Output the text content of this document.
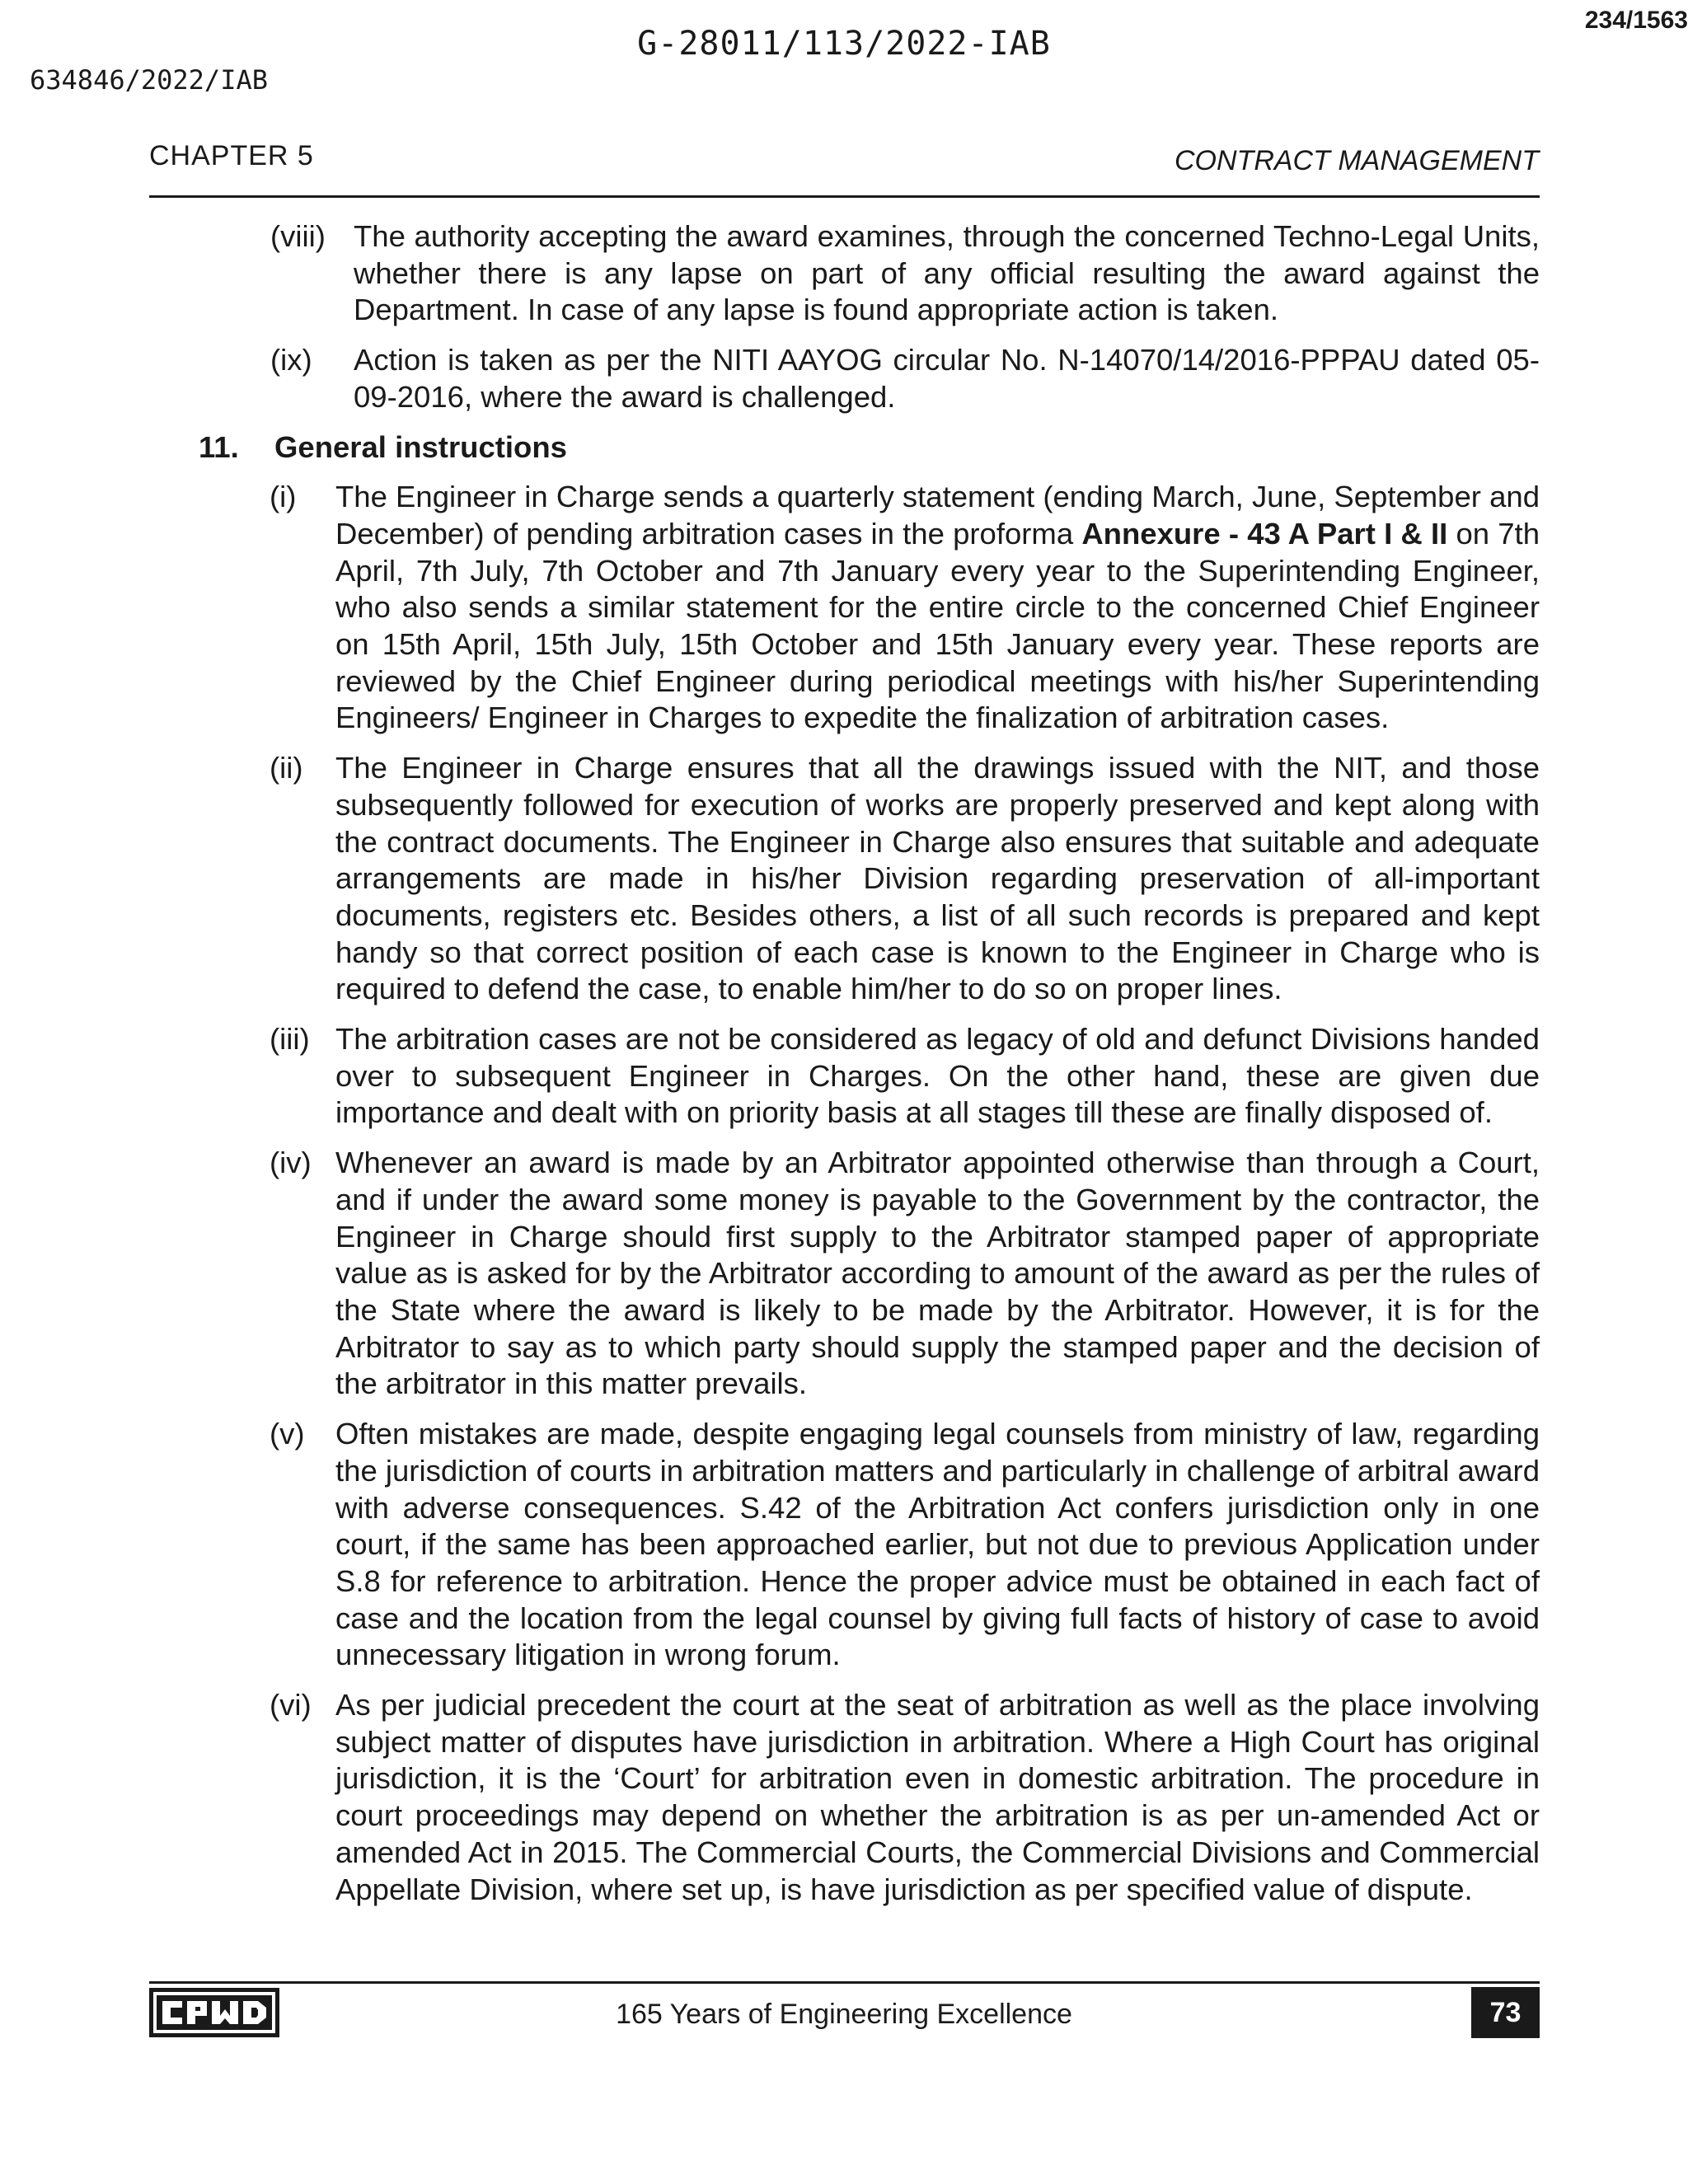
G-28011/113/2022-IAB
234/1563
634846/2022/IAB
CHAPTER 5	CONTRACT MANAGEMENT
(viii) The authority accepting the award examines, through the concerned Techno-Legal Units, whether there is any lapse on part of any official resulting the award against the Department. In case of any lapse is found appropriate action is taken.
(ix) Action is taken as per the NITI AAYOG circular No. N-14070/14/2016-PPPAU dated 05-09-2016, where the award is challenged.
11. General instructions
(i) The Engineer in Charge sends a quarterly statement (ending March, June, September and December) of pending arbitration cases in the proforma Annexure - 43 A Part I & II on 7th April, 7th July, 7th October and 7th January every year to the Superintending Engineer, who also sends a similar statement for the entire circle to the concerned Chief Engineer on 15th April, 15th July, 15th October and 15th January every year. These reports are reviewed by the Chief Engineer during periodical meetings with his/her Superintending Engineers/ Engineer in Charges to expedite the finalization of arbitration cases.
(ii) The Engineer in Charge ensures that all the drawings issued with the NIT, and those subsequently followed for execution of works are properly preserved and kept along with the contract documents. The Engineer in Charge also ensures that suitable and adequate arrangements are made in his/her Division regarding preservation of all-important documents, registers etc. Besides others, a list of all such records is prepared and kept handy so that correct position of each case is known to the Engineer in Charge who is required to defend the case, to enable him/her to do so on proper lines.
(iii) The arbitration cases are not be considered as legacy of old and defunct Divisions handed over to subsequent Engineer in Charges. On the other hand, these are given due importance and dealt with on priority basis at all stages till these are finally disposed of.
(iv) Whenever an award is made by an Arbitrator appointed otherwise than through a Court, and if under the award some money is payable to the Government by the contractor, the Engineer in Charge should first supply to the Arbitrator stamped paper of appropriate value as is asked for by the Arbitrator according to amount of the award as per the rules of the State where the award is likely to be made by the Arbitrator. However, it is for the Arbitrator to say as to which party should supply the stamped paper and the decision of the arbitrator in this matter prevails.
(v) Often mistakes are made, despite engaging legal counsels from ministry of law, regarding the jurisdiction of courts in arbitration matters and particularly in challenge of arbitral award with adverse consequences. S.42 of the Arbitration Act confers jurisdiction only in one court, if the same has been approached earlier, but not due to previous Application under S.8 for reference to arbitration. Hence the proper advice must be obtained in each fact of case and the location from the legal counsel by giving full facts of history of case to avoid unnecessary litigation in wrong forum.
(vi) As per judicial precedent the court at the seat of arbitration as well as the place involving subject matter of disputes have jurisdiction in arbitration. Where a High Court has original jurisdiction, it is the ‘Court’ for arbitration even in domestic arbitration. The procedure in court proceedings may depend on whether the arbitration is as per un-amended Act or amended Act in 2015. The Commercial Courts, the Commercial Divisions and Commercial Appellate Division, where set up, is have jurisdiction as per specified value of dispute.
165 Years of Engineering Excellence	73
